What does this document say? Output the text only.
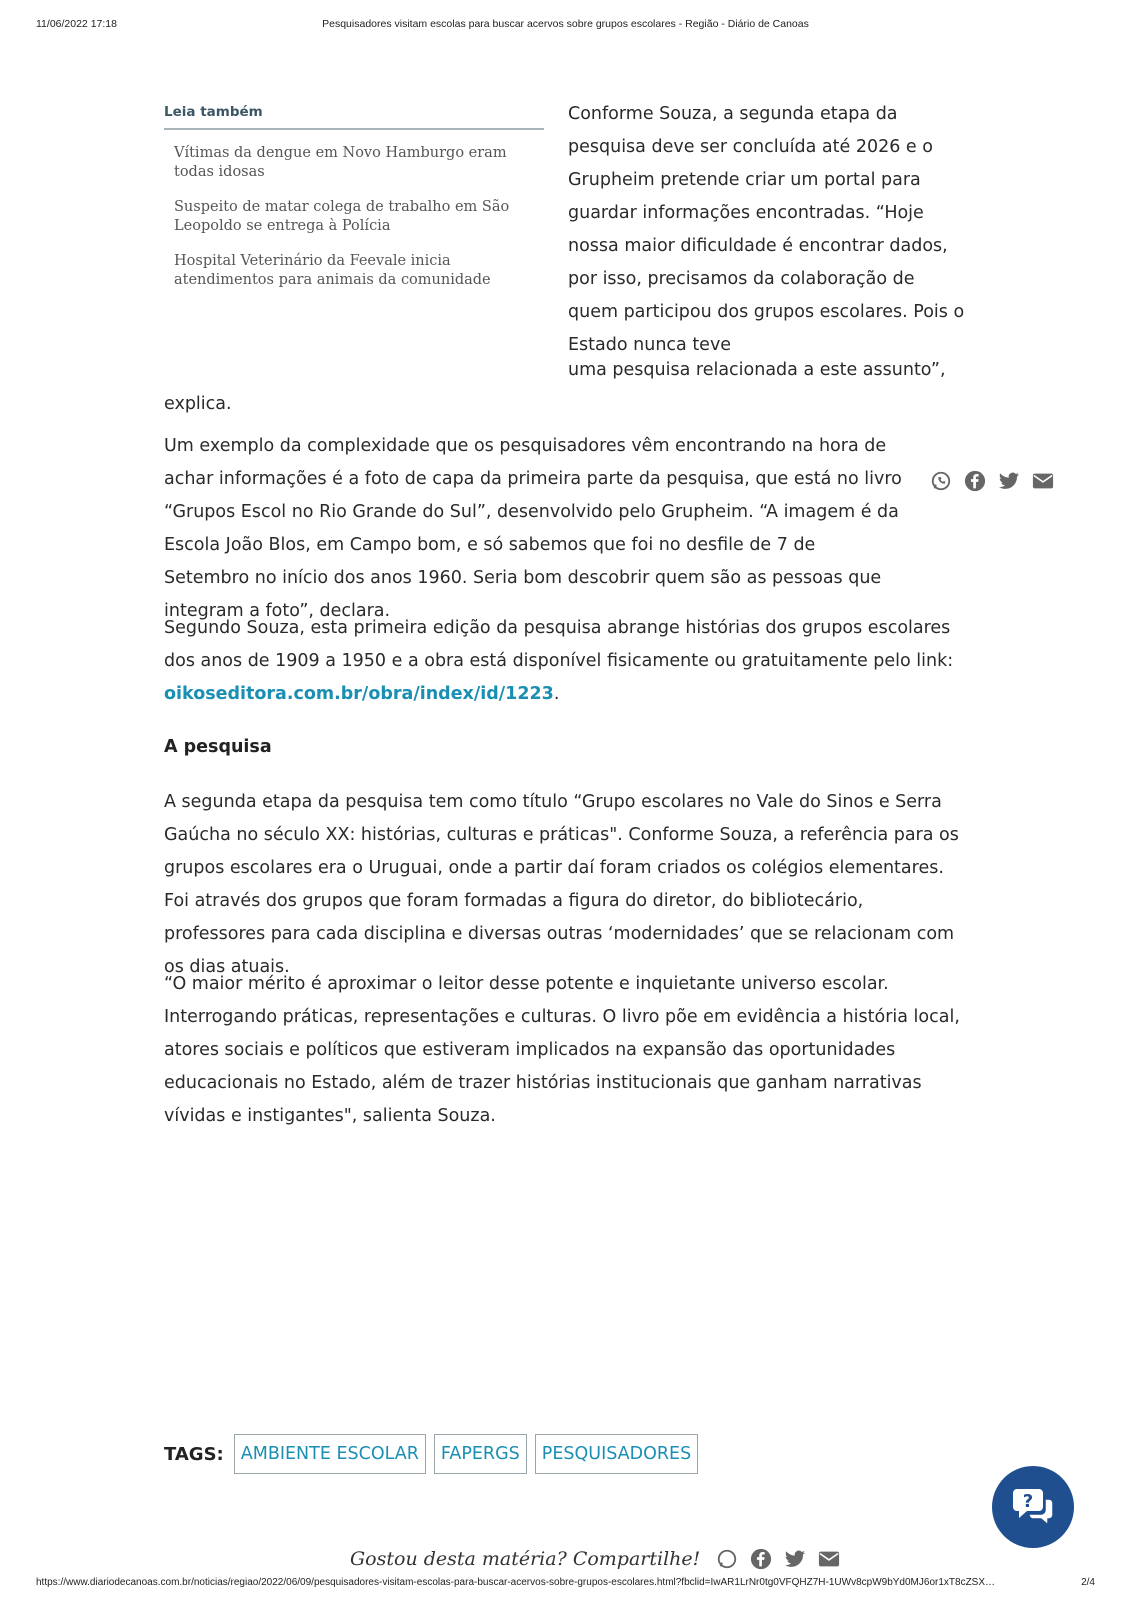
11/06/2022 17:18	Pesquisadores visitam escolas para buscar acervos sobre grupos escolares - Região - Diário de Canoas
Leia também
Vítimas da dengue em Novo Hamburgo eram todas idosas
Suspeito de matar colega de trabalho em São Leopoldo se entrega à Polícia
Hospital Veterinário da Feevale inicia atendimentos para animais da comunidade

Conforme Souza, a segunda etapa da pesquisa deve ser concluída até 2026 e o Grupheim pretende criar um portal para guardar informações encontradas. “Hoje nossa maior dificuldade é encontrar dados, por isso, precisamos da colaboração de quem participou dos grupos escolares. Pois o Estado nunca teve

uma pesquisa relacionada a este assunto”,

explica.

Um exemplo da complexidade que os pesquisadores vêm encontrando na hora de achar informações é a foto de capa da primeira parte da pesquisa, que está no livro “Grupos Escol no Rio Grande do Sul”, desenvolvido pelo Grupheim. “A imagem é da Escola João Blos, em Campo bom, e só sabemos que foi no desfile de 7 de Setembro no início dos anos 1960. Seria bom descobrir quem são as pessoas que integram a foto”, declara.

Segundo Souza, esta primeira edição da pesquisa abrange histórias dos grupos escolares dos anos de 1909 a 1950 e a obra está disponível fisicamente ou gratuitamente pelo link: oikoseditora.com.br/obra/index/id/1223.

A pesquisa

A segunda etapa da pesquisa tem como título “Grupo escolares no Vale do Sinos e Serra Gaúcha no século XX: histórias, culturas e práticas". Conforme Souza, a referência para os grupos escolares era o Uruguai, onde a partir daí foram criados os colégios elementares. Foi através dos grupos que foram formadas a figura do diretor, do bibliotecário, professores para cada disciplina e diversas outras ‘modernidades’ que se relacionam com os dias atuais.

“O maior mérito é aproximar o leitor desse potente e inquietante universo escolar. Interrogando práticas, representações e culturas. O livro põe em evidência a história local, atores sociais e políticos que estiveram implicados na expansão das oportunidades educacionais no Estado, além de trazer histórias institucionais que ganham narrativas vívidas e instigantes", salienta Souza.

TAGS: AMBIENTE ESCOLAR	FAPERGS	PESQUISADORES
?
Gostou desta matéria? Compartilhe!
https://www.diariodecanoas.com.br/noticias/regiao/2022/06/09/pesquisadores-visitam-escolas-para-buscar-acervos-sobre-grupos-escolares.html?fbclid=IwAR1LrNr0tg0VFQHZ7H-1UWv8cpW9bYd0MJ6or1xT8cZSX…	2/4
